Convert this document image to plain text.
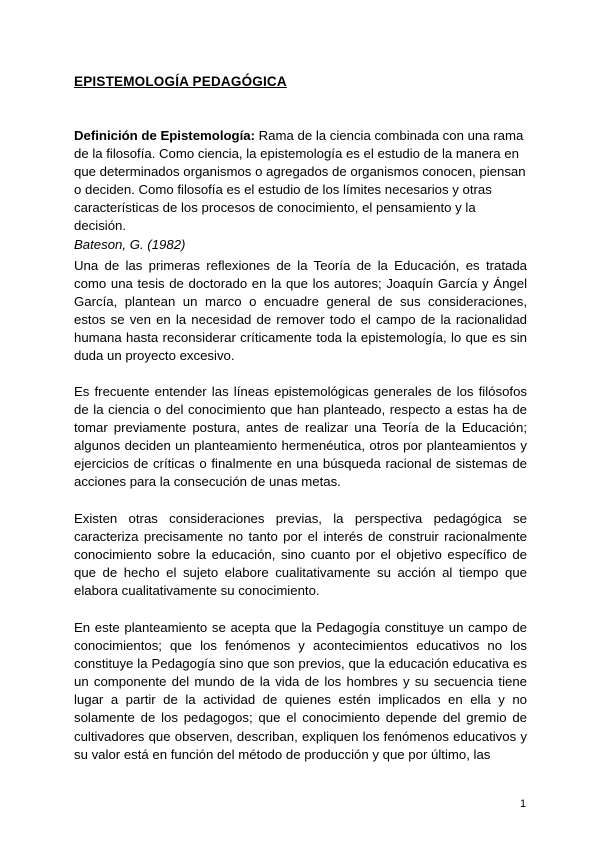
EPISTEMOLOGÍA PEDAGÓGICA

Definición de Epistemología: Rama de la ciencia combinada con una rama de la filosofía. Como ciencia, la epistemología es el estudio de la manera en que determinados organismos o agregados de organismos conocen, piensan o deciden. Como filosofía es el estudio de los límites necesarios y otras características de los procesos de conocimiento, el pensamiento y la decisión.

Bateson, G. (1982)

Una de las primeras reflexiones de la Teoría de la Educación, es tratada como una tesis de doctorado en la que los autores; Joaquín García y Ángel García, plantean un marco o encuadre general de sus consideraciones, estos se ven en la necesidad de remover todo el campo de la racionalidad humana hasta reconsiderar críticamente toda la epistemología, lo que es sin duda un proyecto excesivo.

Es frecuente entender las líneas epistemológicas generales de los filósofos de la ciencia o del conocimiento que han planteado, respecto a estas ha de tomar previamente postura, antes de realizar una Teoría de la Educación; algunos deciden un planteamiento hermenéutica, otros por planteamientos y ejercicios de críticas o finalmente en una búsqueda racional de sistemas de acciones para la consecución de unas metas.

Existen otras consideraciones previas, la perspectiva pedagógica se caracteriza precisamente no tanto por el interés de construir racionalmente conocimiento sobre la educación, sino cuanto por el objetivo específico de que de hecho el sujeto elabore cualitativamente su acción al tiempo que elabora cualitativamente su conocimiento.

En este planteamiento se acepta que la Pedagogía constituye un campo de conocimientos; que los fenómenos y acontecimientos educativos no los constituye la Pedagogía sino que son previos, que la educación educativa es un componente del mundo de la vida de los hombres y su secuencia tiene lugar a partir de la actividad de quienes estén implicados en ella y no solamente de los pedagogos; que el conocimiento depende del gremio de cultivadores que observen, describan, expliquen los fenómenos educativos y su valor está en función del método de producción y que por último, las

1
